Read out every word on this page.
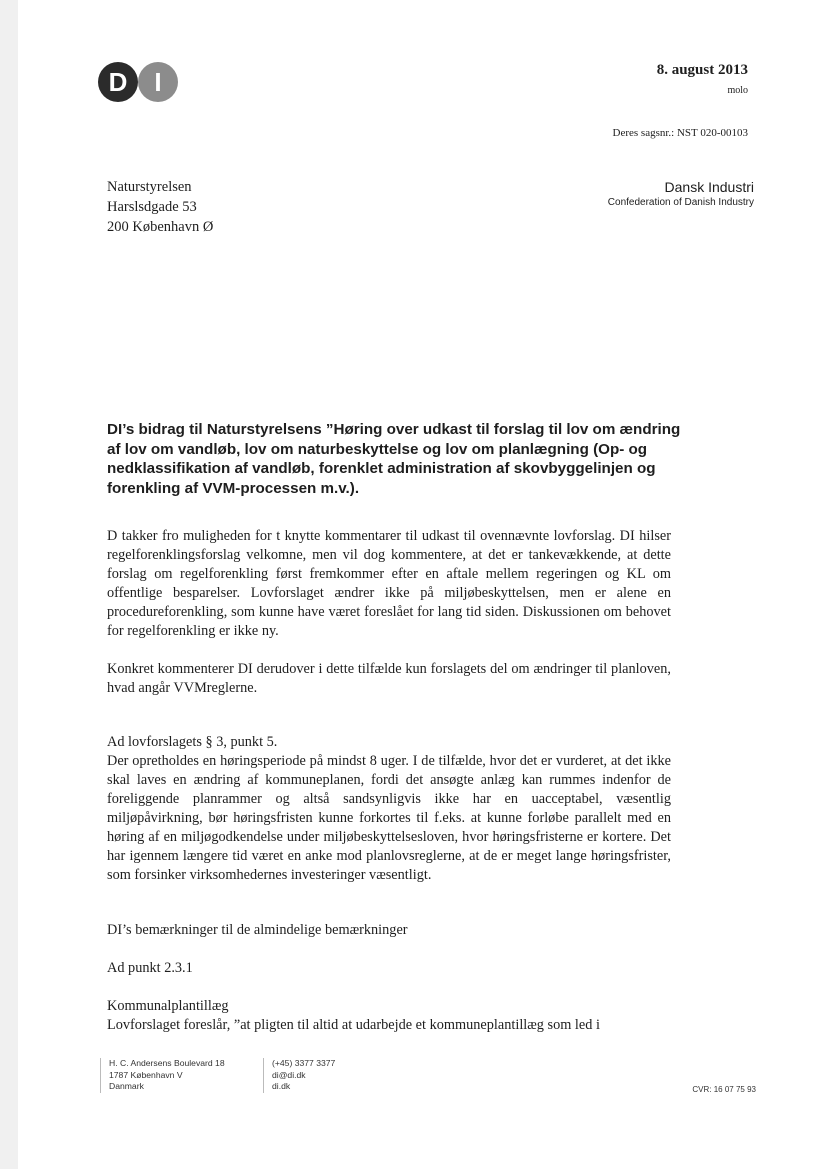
D	I	8. august 2013
molo
Deres sagsnr.: NST 020-00103
Naturstyrelsen
Harslsdgade 53
200 København Ø
Dansk Industri
Confederation of Danish Industry
DI’s bidrag til Naturstyrelsens ”Høring over udkast til forslag til lov om ændring af lov om vandløb, lov om naturbeskyttelse og lov om planlægning (Op- og nedklassifikation af vandløb, forenklet administration af skovbyggelinjen og forenkling af VVM-processen m.v.).

D takker fro muligheden for t knytte kommentarer til udkast til ovennævnte lovforslag. DI hilser regelforenklingsforslag velkomne, men vil dog kommentere, at det er tankevækkende, at dette forslag om regelforenkling først fremkommer efter en aftale mellem regeringen og KL om offentlige besparelser. Lovforslaget ændrer ikke på miljøbeskyttelsen, men er alene en procedureforenkling, som kunne have været foreslået for lang tid siden. Diskussionen om behovet for regelforenkling er ikke ny.

Konkret kommenterer DI derudover i dette tilfælde kun forslagets del om ændringer til planloven, hvad angår VVMreglerne.

Ad lovforslagets § 3, punkt 5.

Der opretholdes en høringsperiode på mindst 8 uger. I de tilfælde, hvor det er vurderet, at det ikke skal laves en ændring af kommuneplanen, fordi det ansøgte anlæg kan rummes indenfor de foreliggende planrammer og altså sandsynligvis ikke har en uacceptabel, væsentlig miljøpåvirkning, bør høringsfristen kunne forkortes til f.eks. at kunne forløbe parallelt med en høring af en miljøgodkendelse under miljøbeskyttelsesloven, hvor høringsfristerne er kortere. Det har igennem længere tid været en anke mod planlovsreglerne, at de er meget lange høringsfrister, som forsinker virksomhedernes investeringer væsentligt.

DI’s bemærkninger til de almindelige bemærkninger

Ad punkt 2.3.1

Kommunalplantillæg

Lovforslaget foreslår, ”at pligten til altid at udarbejde et kommuneplantillæg som led i

H. C. Andersens Boulevard 18
1787 København V
Danmark
(+45) 3377 3377
di@di.dk
di.dk	CVR: 16 07 75 93
